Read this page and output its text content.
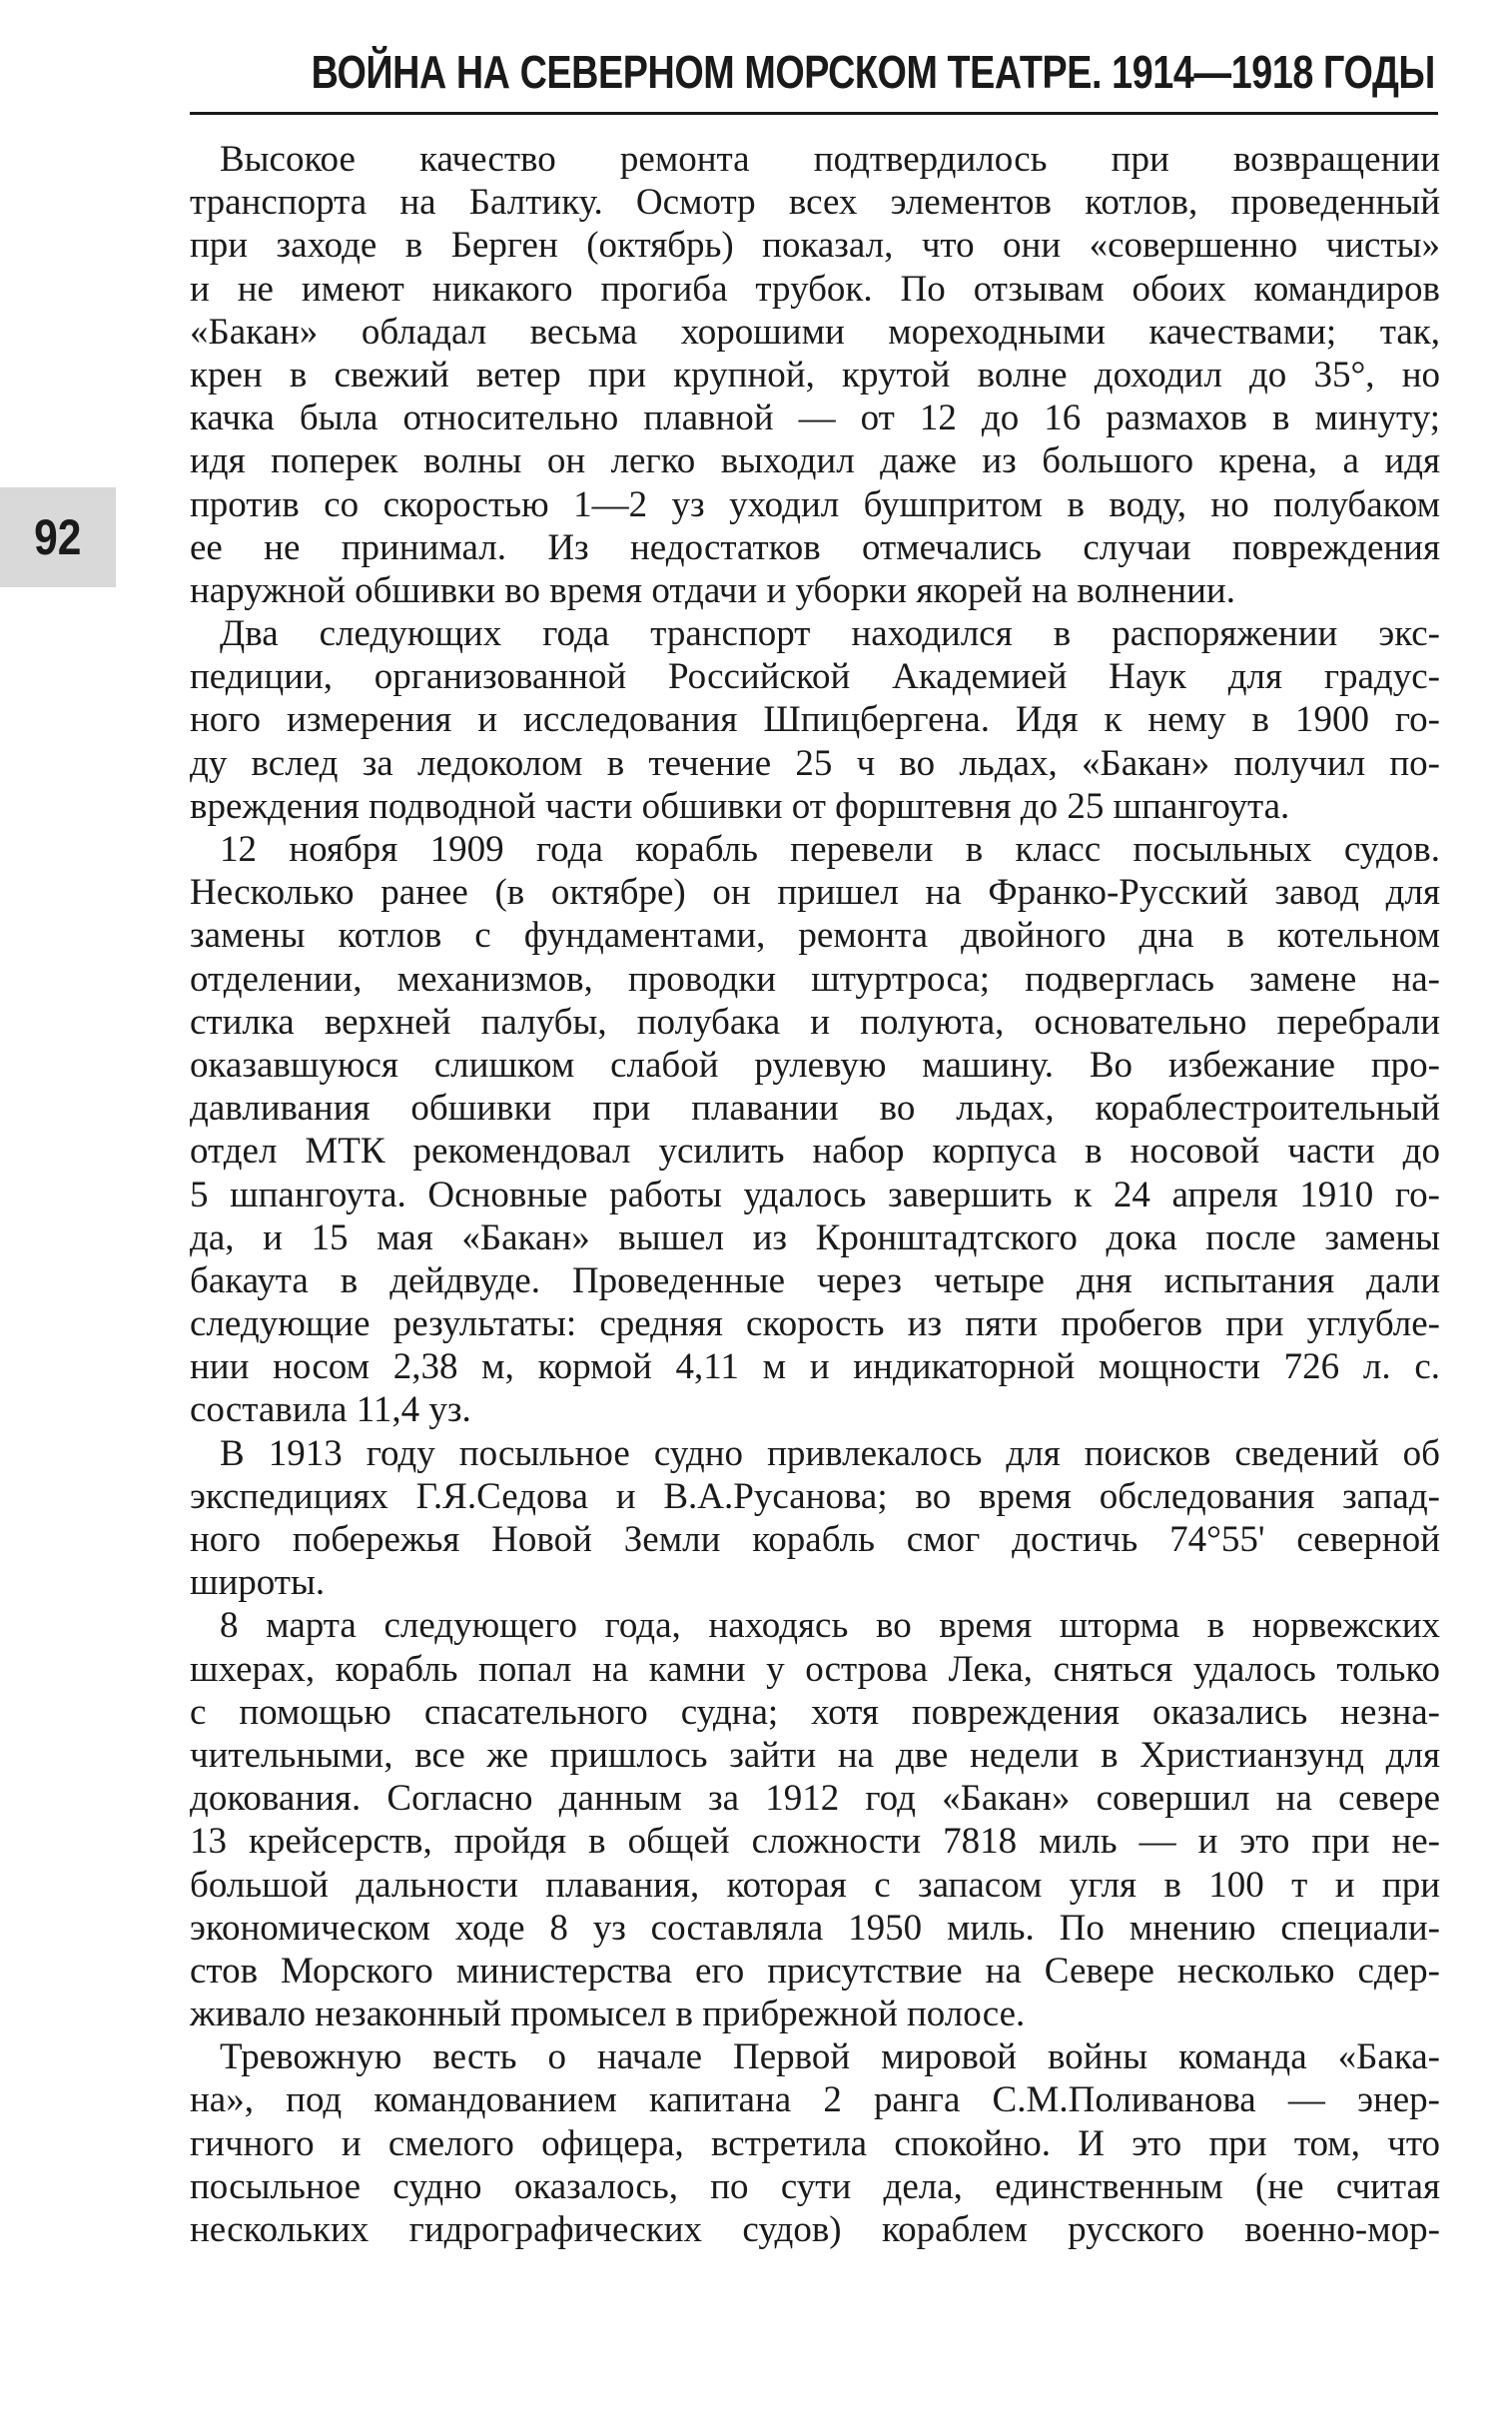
ВОЙНА НА СЕВЕРНОМ МОРСКОМ ТЕАТРЕ. 1914—1918 ГОДЫ
92
Высокое качество ремонта подтвердилось при возвращении
транспорта на Балтику. Осмотр всех элементов котлов, проведенный
при заходе в Берген (октябрь) показал, что они «совершенно чисты»
и не имеют никакого прогиба трубок. По отзывам обоих командиров
«Бакан» обладал весьма хорошими мореходными качествами; так,
крен в свежий ветер при крупной, крутой волне доходил до 35°, но
качка была относительно плавной — от 12 до 16 размахов в минуту;
идя поперек волны он легко выходил даже из большого крена, а идя
против со скоростью 1—2 уз уходил бушпритом в воду, но полубаком
ее не принимал. Из недостатков отмечались случаи повреждения
наружной обшивки во время отдачи и уборки якорей на волнении.
Два следующих года транспорт находился в распоряжении экс-
педиции, организованной Российской Академией Наук для градус-
ного измерения и исследования Шпицбергена. Идя к нему в 1900 го-
ду вслед за ледоколом в течение 25 ч во льдах, «Бакан» получил по-
вреждения подводной части обшивки от форштевня до 25 шпангоута.
12 ноября 1909 года корабль перевели в класс посыльных судов.
Несколько ранее (в октябре) он пришел на Франко-Русский завод для
замены котлов с фундаментами, ремонта двойного дна в котельном
отделении, механизмов, проводки штуртроса; подверглась замене на-
стилка верхней палубы, полубака и полуюта, основательно перебрали
оказавшуюся слишком слабой рулевую машину. Во избежание про-
давливания обшивки при плавании во льдах, кораблестроительный
отдел МТК рекомендовал усилить набор корпуса в носовой части до
5 шпангоута. Основные работы удалось завершить к 24 апреля 1910 го-
да, и 15 мая «Бакан» вышел из Кронштадтского дока после замены
бакаута в дейдвуде. Проведенные через четыре дня испытания дали
следующие результаты: средняя скорость из пяти пробегов при углубле-
нии носом 2,38 м, кормой 4,11 м и индикаторной мощности 726 л. с.
составила 11,4 уз.
В 1913 году посыльное судно привлекалось для поисков сведений об
экспедициях Г.Я.Седова и В.А.Русанова; во время обследования запад-
ного побережья Новой Земли корабль смог достичь 74°55' северной
широты.
8 марта следующего года, находясь во время шторма в норвежских
шхерах, корабль попал на камни у острова Лека, сняться удалось только
с помощью спасательного судна; хотя повреждения оказались незна-
чительными, все же пришлось зайти на две недели в Христианзунд для
докования. Согласно данным за 1912 год «Бакан» совершил на севере
13 крейсерств, пройдя в общей сложности 7818 миль — и это при не-
большой дальности плавания, которая с запасом угля в 100 т и при
экономическом ходе 8 уз составляла 1950 миль. По мнению специали-
стов Морского министерства его присутствие на Севере несколько сдер-
живало незаконный промысел в прибрежной полосе.
Тревожную весть о начале Первой мировой войны команда «Бака-
на», под командованием капитана 2 ранга С.М.Поливанова — энер-
гичного и смелого офицера, встретила спокойно. И это при том, что
посыльное судно оказалось, по сути дела, единственным (не считая
нескольких гидрографических судов) кораблем русского военно-мор-
